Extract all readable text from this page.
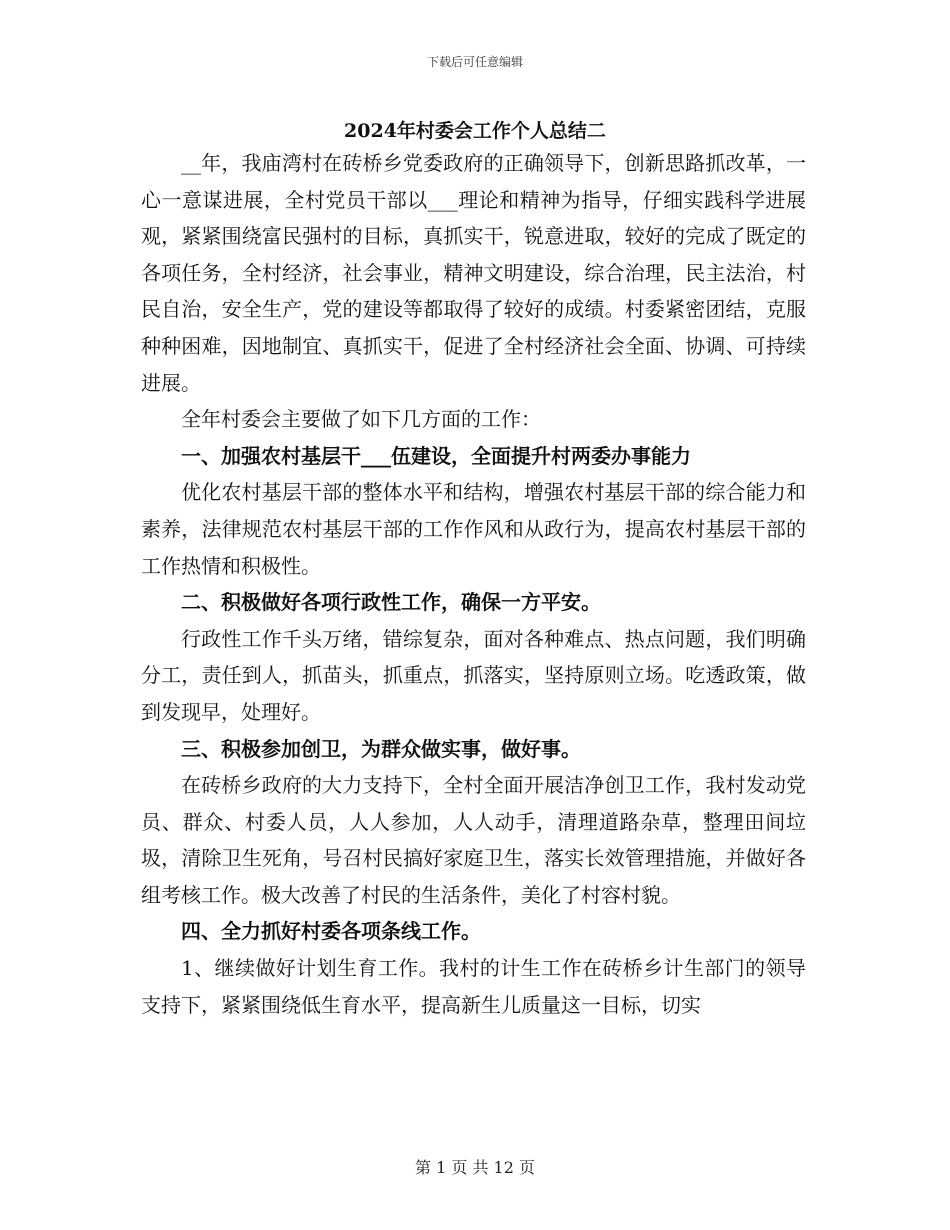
下载后可任意编辑
2024年村委会工作个人总结二

__年，我庙湾村在砖桥乡党委政府的正确领导下，创新思路抓改革，一心一意谋进展，全村党员干部以___理论和精神为指导，仔细实践科学进展观，紧紧围绕富民强村的目标，真抓实干，锐意进取，较好的完成了既定的各项任务，全村经济，社会事业，精神文明建设，综合治理，民主法治，村民自治，安全生产，党的建设等都取得了较好的成绩。村委紧密团结，克服种种困难，因地制宜、真抓实干，促进了全村经济社会全面、协调、可持续进展。

全年村委会主要做了如下几方面的工作：

一、加强农村基层干___伍建设，全面提升村两委办事能力

优化农村基层干部的整体水平和结构，增强农村基层干部的综合能力和素养，法律规范农村基层干部的工作作风和从政行为，提高农村基层干部的工作热情和积极性。

二、积极做好各项行政性工作，确保一方平安。

行政性工作千头万绪，错综复杂，面对各种难点、热点问题，我们明确分工，责任到人，抓苗头，抓重点，抓落实，坚持原则立场。吃透政策，做到发现早，处理好。

三、积极参加创卫，为群众做实事，做好事。

在砖桥乡政府的大力支持下，全村全面开展洁净创卫工作，我村发动党员、群众、村委人员，人人参加，人人动手，清理道路杂草，整理田间垃圾，清除卫生死角，号召村民搞好家庭卫生，落实长效管理措施，并做好各组考核工作。极大改善了村民的生活条件，美化了村容村貌。

四、全力抓好村委各项条线工作。

1、继续做好计划生育工作。我村的计生工作在砖桥乡计生部门的领导支持下，紧紧围绕低生育水平，提高新生儿质量这一目标，切实

第 1 页 共 12 页
